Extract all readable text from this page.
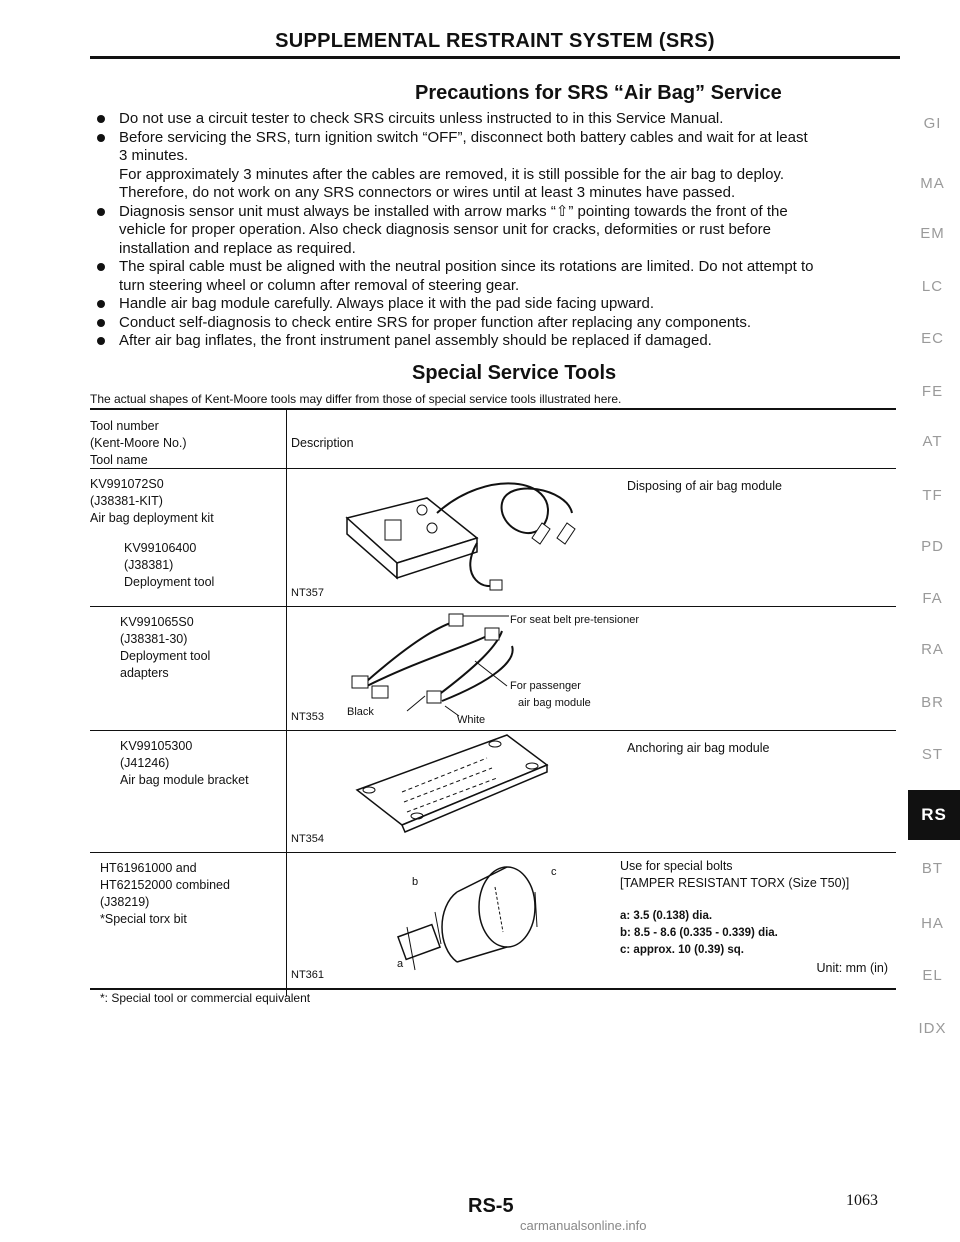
SUPPLEMENTAL RESTRAINT SYSTEM (SRS)
Precautions for SRS “Air Bag” Service
Do not use a circuit tester to check SRS circuits unless instructed to in this Service Manual.
Before servicing the SRS, turn ignition switch “OFF”, disconnect both battery cables and wait for at least
3 minutes.
For approximately 3 minutes after the cables are removed, it is still possible for the air bag to deploy.
Therefore, do not work on any SRS connectors or wires until at least 3 minutes have passed.
Diagnosis sensor unit must always be installed with arrow marks “⇧” pointing towards the front of the
vehicle for proper operation. Also check diagnosis sensor unit for cracks, deformities or rust before
installation and replace as required.
The spiral cable must be aligned with the neutral position since its rotations are limited. Do not attempt to
turn steering wheel or column after removal of steering gear.
Handle air bag module carefully. Always place it with the pad side facing upward.
Conduct self-diagnosis to check entire SRS for proper function after replacing any components.
After air bag inflates, the front instrument panel assembly should be replaced if damaged.
Special Service Tools
The actual shapes of Kent-Moore tools may differ from those of special service tools illustrated here.
Tool number
(Kent-Moore No.)
Tool name
Description
KV991072S0
(J38381-KIT)
Air bag deployment kit
KV99106400
(J38381)
Deployment tool
NT357
Disposing of air bag module
KV991065S0
(J38381-30)
Deployment tool
adapters
For seat belt pre-tensioner
For passenger
air bag module
Black
White
NT353
KV99105300
(J41246)
Air bag module bracket
NT354
Anchoring air bag module
HT61961000 and
HT62152000 combined
(J38219)
*Special torx bit
b
c
a
NT361
Use for special bolts
[TAMPER RESISTANT TORX (Size T50)]
a: 3.5 (0.138) dia.
b: 8.5 - 8.6 (0.335 - 0.339) dia.
c: approx. 10 (0.39) sq.
Unit: mm (in)
*: Special tool or commercial equivalent
GI
MA
EM
LC
EC
FE
AT
TF
PD
FA
RA
BR
ST
RS
BT
HA
EL
IDX
RS-5	1063
carmanualsonline.info
